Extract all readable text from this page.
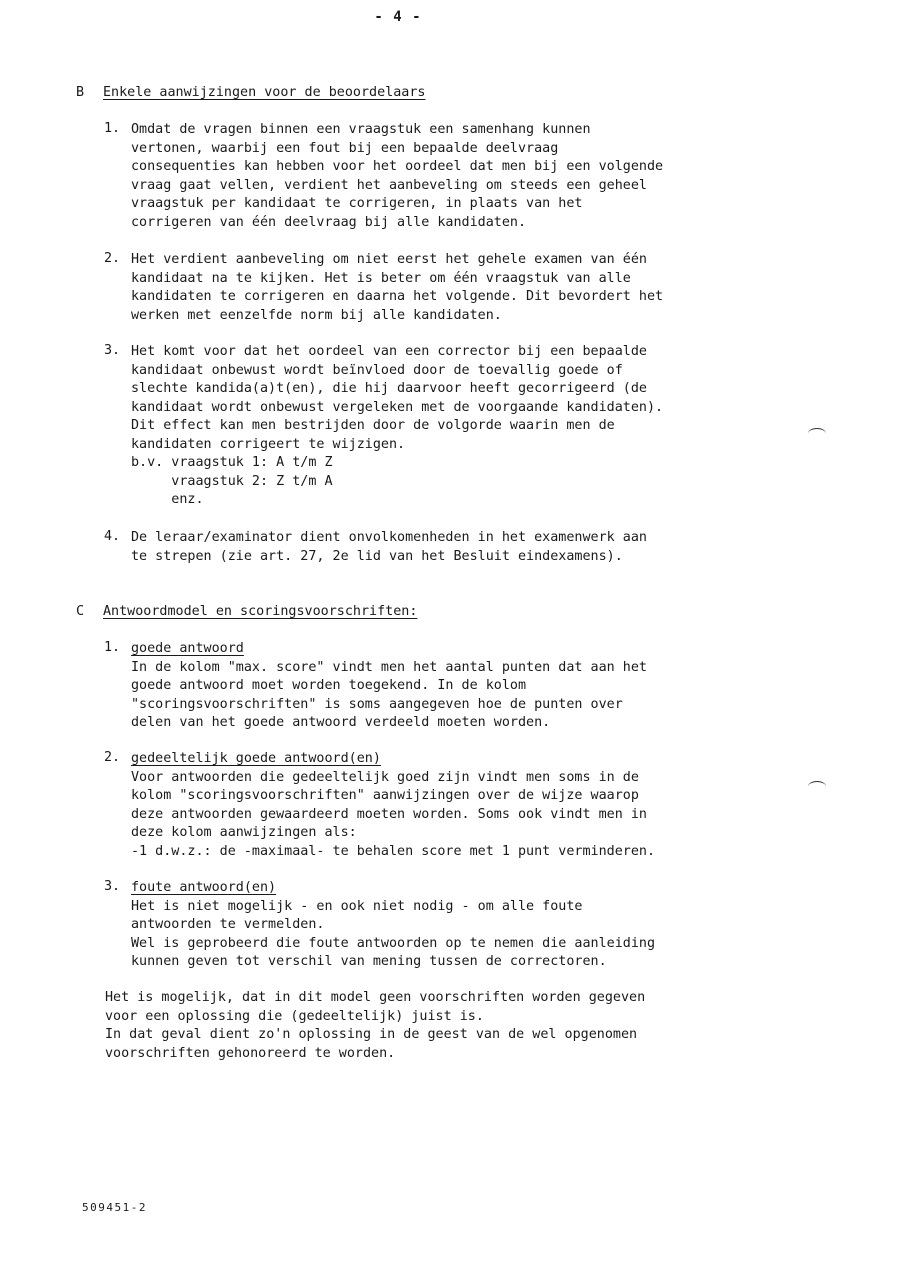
- 4 -
B Enkele aanwijzingen voor de beoordelaars
1. Omdat de vragen binnen een vraagstuk een samenhang kunnen
vertonen, waarbij een fout bij een bepaalde deelvraag
consequenties kan hebben voor het oordeel dat men bij een volgende
vraag gaat vellen, verdient het aanbeveling om steeds een geheel
vraagstuk per kandidaat te corrigeren, in plaats van het
corrigeren van één deelvraag bij alle kandidaten.
2. Het verdient aanbeveling om niet eerst het gehele examen van één
kandidaat na te kijken. Het is beter om één vraagstuk van alle
kandidaten te corrigeren en daarna het volgende. Dit bevordert het
werken met eenzelfde norm bij alle kandidaten.
3. Het komt voor dat het oordeel van een corrector bij een bepaalde
kandidaat onbewust wordt beïnvloed door de toevallig goede of
slechte kandida(a)t(en), die hij daarvoor heeft gecorrigeerd (de
kandidaat wordt onbewust vergeleken met de voorgaande kandidaten).
Dit effect kan men bestrijden door de volgorde waarin men de
kandidaten corrigeert te wijzigen.
b.v. vraagstuk 1: A t/m Z
vraagstuk 2: Z t/m A
enz.
4. De leraar/examinator dient onvolkomenheden in het examenwerk aan
te strepen (zie art. 27, 2e lid van het Besluit eindexamens).
C Antwoordmodel en scoringsvoorschriften:
1. goede antwoord
In de kolom "max. score" vindt men het aantal punten dat aan het
goede antwoord moet worden toegekend. In de kolom
"scoringsvoorschriften" is soms aangegeven hoe de punten over
delen van het goede antwoord verdeeld moeten worden.
2. gedeeltelijk goede antwoord(en)
Voor antwoorden die gedeeltelijk goed zijn vindt men soms in de
kolom "scoringsvoorschriften" aanwijzingen over de wijze waarop
deze antwoorden gewaardeerd moeten worden. Soms ook vindt men in
deze kolom aanwijzingen als:
-1 d.w.z.: de -maximaal- te behalen score met 1 punt verminderen.
3. foute antwoord(en)
Het is niet mogelijk - en ook niet nodig - om alle foute
antwoorden te vermelden.
Wel is geprobeerd die foute antwoorden op te nemen die aanleiding
kunnen geven tot verschil van mening tussen de correctoren.
Het is mogelijk, dat in dit model geen voorschriften worden gegeven
voor een oplossing die (gedeeltelijk) juist is.
In dat geval dient zo'n oplossing in de geest van de wel opgenomen
voorschriften gehonoreerd te worden.
509451-2
